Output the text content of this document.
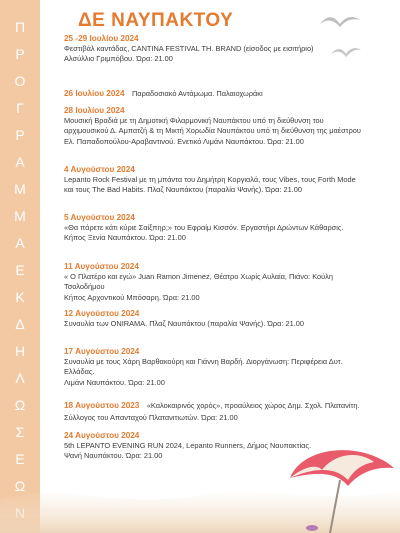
Π
Ρ
Ο
Γ
Ρ
Α
Μ
Μ
Α
Ε
Κ
Δ
Η
Λ
Ω
Σ
Ε
Ω
ΔΕ ΝΑΥΠΑΚΤΟΥ
25 -29 Ιουλίου 2024
Φεστιβάλ καντάδας, CANTINA FESTIVAL ΤΗ. BRAND (είσοδος με εισιτήριο)
Αλσύλλιο Γριμπόβου. Ώρα: 21.00
26 Ιουλίου 2024 Παραδοσιακό Αντάμωμα. Παλαιοχωράκι
28 Ιουλίου 2024
Μουσική Βραδιά με τη Δημοτική Φιλαρμονική Ναυπάκτου υπό τη διεύθυνση του
αρχιμουσικού Δ. Αμπατζή & τη Μικτή Χορωδία Ναυπάκτου υπό τη διεύθυνση της μαέστρου
Ελ. Παπαδοπούλου-Αραβαντινού. Ενετικό Λιμάνι Ναυπάκτου. Ώρα: 21.00
4 Αυγούστου 2024
Lepanto Rock Festival με τη μπάντα του Δημήτρη Κοργιαλά, τους Vibes, τους Forth Mode
και τους The Bad Habits. Πλαζ Ναυπάκτου (παραλία Ψανής). Ώρα: 21.00
5 Αυγούστου 2024
«Θα πάρετε κάτι κύριε Σαίξπηρ;» του Εφραίμ Κισσόν. Εργαστήρι Δρώντων Κάθαρσις.
Κήπος Ξενία Ναυπάκτου. Ώρα: 21.00
11 Αυγούστου 2024
« Ο Πλατέρο και εγώ» Juan Ramon Jimenez, Θέατρο Χωρίς Αυλαία, Πιάνο: Κούλη Τσολοδήμου
Κήπος Αρχοντικού Μπόσαρη. Ώρα: 21.00
12 Αυγούστου 2024
Συναυλία των ONIRAMA. Πλαζ Ναυπάκτου (παραλία Ψανής). Ώρα: 21.00
17 Αυγούστου 2024
Συναυλία με τους Χάρη Βαρθακούρη και Γιάννη Βαρδή. Διοργάνωση: Περιφέρεια Δυτ. Ελλάδας.
Λιμάνι Ναυπάκτου. Ώρα: 21.00
18 Αυγούστου 2023 «Καλοκαιρινός χορός», προαύλειος χώρος Δημ. Σχολ. Πλατανίτη.
Σύλλογος του Απανταχού Πλατανιτιωτών. Ώρα: 21.00
24 Αυγούστου 2024
5th LEPANTO EVENING RUN 2024, Lepanto Runners, Δήμος Ναυπακτίας.
Ψανή Ναυπάκτου. Ώρα: 21.00
